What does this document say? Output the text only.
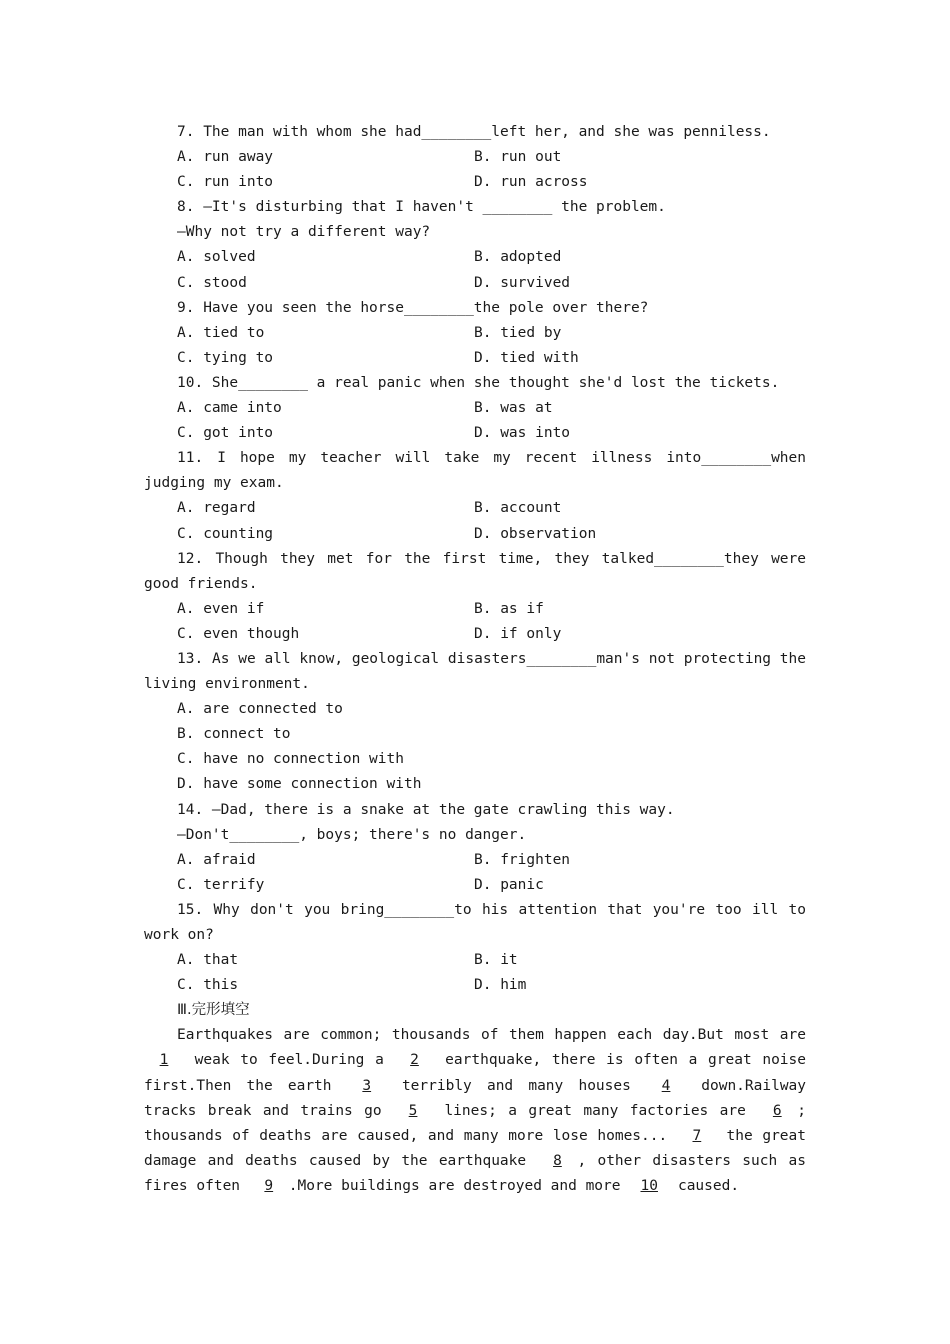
7. The man with whom she had________left her, and she was penniless.
A. run away	B. run out
C. run into	D. run across
8. —It's disturbing that I haven't ________ the problem.
—Why not try a different way?
A. solved	B. adopted
C. stood	D. survived
9. Have you seen the horse________the pole over there?
A. tied to	B. tied by
C. tying to	D. tied with
10. She________ a real panic when she thought she'd lost the tickets.
A. came into	B. was at
C. got into	D. was into
11. I hope my teacher will take my recent illness into________when judging my exam.
A. regard	B. account
C. counting	D. observation
12. Though they met for the first time, they talked________they were good friends.
A. even if	B. as if
C. even though	D. if only
13. As we all know, geological disasters________man's not protecting the living environment.
A. are connected to
B. connect to
C. have no connection with
D. have some connection with
14. —Dad, there is a snake at the gate crawling this way.
—Don't________, boys; there's no danger.
A. afraid	B. frighten
C. terrify	D. panic
15. Why don't you bring________to his attention that you're too ill to work on?
A. that	B. it
C. this	D. him
Ⅲ.完形填空
Earthquakes are common; thousands of them happen each day.But most are 1 weak to feel.During a 2 earthquake, there is often a great noise first.Then the earth 3 terribly and many houses 4 down.Railway tracks break and trains go 5 lines; a great many factories are 6 ; thousands of deaths are caused, and many more lose homes... 7 the great damage and deaths caused by the earthquake 8 , other disasters such as fires often 9 .More buildings are destroyed and more 10 caused.
